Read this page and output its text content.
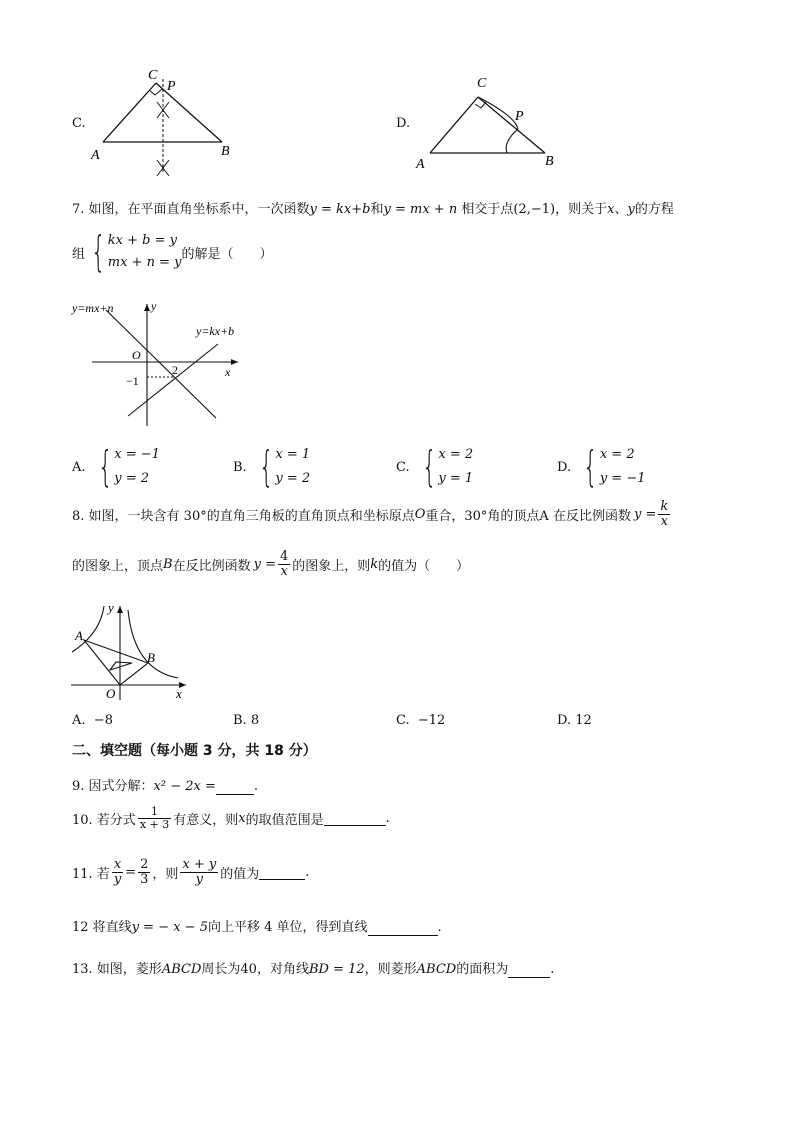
C.
C
P
A	B
D.
C
P
A	B
7. 如图，在平面直角坐标系中，一次函数y = kx+b和y = mx + n 相交于点(2,−1)，则关于x、y的方程
组 { kx + b = y
mx + n = y
的解是（　　）
y=mx+n
y=kx+b
y
x
O
2
−1
A. { x = −1
y = 2
B. { x = 1
y = 2
C. { x = 2
y = 1
D. { x = 2
y = −1
8. 如图，一块含有 30°的直角三角板的直角顶点和坐标原点 O 重合，30°角的顶点A 在反比例函数 $y = \frac{k}{x}$
的图象上，顶点 B 在反比例函数 $y = \frac{4}{x}$ 的图象上，则 k 的值为（　　）
A
B
O	x
y
A. −8	B. 8	C. −12	D. 12
二、填空题（每小题 3 分，共 18 分）
9. 因式分解：x² − 2x =	.
10. 若分式 $\frac{1}{x + 3}$ 有意义，则 x 的取值范围是
	.
11. 若 $\frac{x}{y} = \frac{2}{3}$ ，则 $\frac{x + y}{y}$ 的值为
	.
12 将直线y = − x − 5向上平移 4 单位，得到直线	.
13. 如图，菱形ABCD周长为40，对角线BD = 12，则菱形ABCD的面积为	.
